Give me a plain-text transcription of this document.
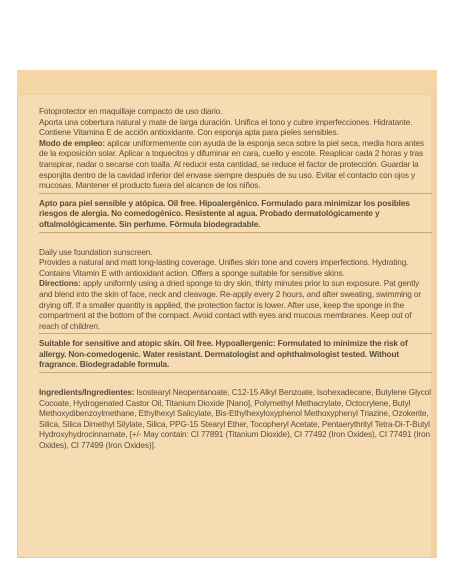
Fotoprotector en maquillaje compacto de uso diario.

Aporta una cobertura natural y mate de larga duración. Unifica el tono y cubre imperfecciones. Hidratante. Contiene Vitamina E de acción antioxidante. Con esponja apta para pieles sensibles.

Modo de empleo: aplicar uniformemente con ayuda de la esponja seca sobre la piel seca, media hora antes de la exposición solar. Aplicar a toquecitos y difuminar en cara, cuello y escote. Reaplicar cada 2 horas y tras transpirar, nadar o secarse con toalla. Al reducir esta cantidad, se reduce el factor de protección. Guardar la esponjita dentro de la cavidad inferior del envase siempre después de su uso. Evitar el contacto con ojos y mucosas. Mantener el producto fuera del alcance de los niños.

Apto para piel sensible y atópica. Oil free. Hipoalergénico. Formulado para minimizar los posibles riesgos de alergia. No comedogénico. Resistente al agua. Probado dermatológicamente y oftalmológicamente. Sin perfume. Fórmula biodegradable.

Daily use foundation sunscreen.

Provides a natural and matt long-lasting coverage. Unifies skin tone and covers imperfections. Hydrating. Contains Vitamin E with antioxidant action. Offers a sponge suitable for sensitive skins.

Directions: apply uniformly using a dried sponge to dry skin, thirty minutes prior to sun exposure. Pat gently and blend into the skin of face, neck and cleavage. Re-apply every 2 hours, and after sweating, swimming or drying off. If a smaller quantity is applied, the protection factor is lower. After use, keep the sponge in the compartment at the bottom of the compact. Avoid contact with eyes and mucous membranes. Keep out of reach of children.

Suitable for sensitive and atopic skin. Oil free. Hypoallergenic: Formulated to minimize the risk of allergy. Non-comedogenic. Water resistant. Dermatologist and ophthalmologist tested. Without fragrance. Biodegradable formula.

Ingredients/Ingredientes: Isostearyl Neopentanoate, C12-15 Alkyl Benzoate, Isohexadecane, Butylene Glycol Cocoate, Hydrogenated Castor Oil, Titanium Dioxide [Nano], Polymethyl Methacrylate, Octocrylene, Butyl Methoxydibenzoylmethane, Ethylhexyl Salicylate, Bis-Ethylhexyloxyphenol Methoxyphenyl Triazine, Ozokerite, Silica, Silica Dimethyl Silylate, Silica, PPG-15 Stearyl Ether, Tocopheryl Acetate, Pentaerythrityl Tetra-Di-T-Butyl Hydroxyhydrocinnamate, [+/- May contain: CI 77891 (Titanium Dioxide), CI 77492 (Iron Oxides), CI 77491 (Iron Oxides), CI 77499 (Iron Oxides)].
